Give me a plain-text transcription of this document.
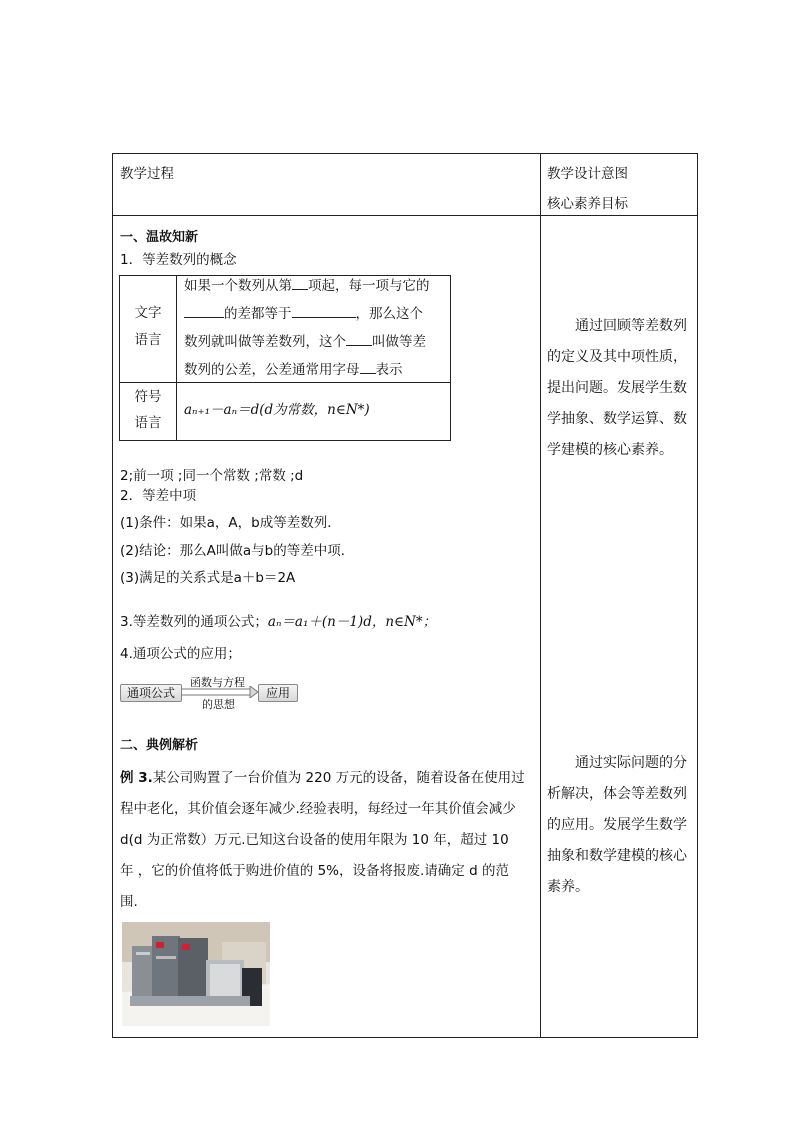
教学过程	教学设计意图
核心素养目标
一、温故知新
1．等差数列的概念
文字
语言
如果一个数列从第 项起，每一项与它的
的差都等于	，那么这个
数列就叫做等差数列，这个 叫做等差
数列的公差，公差通常用字母 表示
符号
语言
aₙ₊₁－aₙ＝d(d为常数，n∈N*)
2;前一项 ;同一个常数 ;常数 ;d
2．等差中项
(1)条件：如果a，A，b成等差数列．
(2)结论：那么A叫做a与b的等差中项．
(3)满足的关系式是a＋b＝2A
3.等差数列的通项公式；aₙ＝a₁＋(n－1)d，n∈N*；
4.通项公式的应用；
通项公式
函数与方程
的思想
应用
二、典例解析
例 3.某公司购置了一台价值为 220 万元的设备，随着设备在使用过
程中老化，其价值会逐年减少.经验表明，每经过一年其价值会减少
d(d 为正常数）万元.已知这台设备的使用年限为 10 年，超过 10
年 ，它的价值将低于购进价值的 5%，设备将报废.请确定 d 的范
围.
通过回顾等差数列的定义及其中项性质，提出问题。发展学生数学抽象、数学运算、数学建模的核心素养。
通过实际问题的分析解决，体会等差数列的应用。发展学生数学抽象和数学建模的核心素养。
